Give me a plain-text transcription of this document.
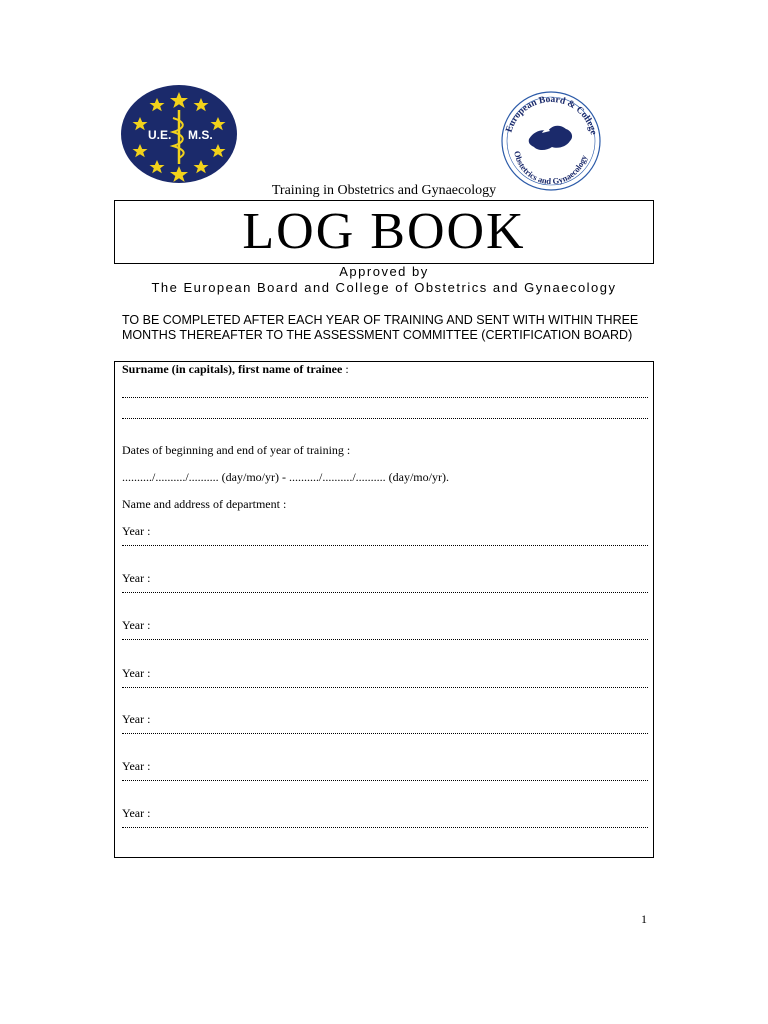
U.E. M.S.	European Board & College
Obstetrics and Gynaecology
Training in Obstetrics and Gynaecology
LOG BOOK
Approved by
The European Board and College of Obstetrics and Gynaecology
TO BE COMPLETED AFTER EACH YEAR OF TRAINING AND SENT WITH WITHIN THREE MONTHS THEREAFTER TO THE ASSESSMENT COMMITTEE (CERTIFICATION BOARD)
Surname (in capitals), first name of trainee :
Dates of beginning and end of year of training :
........../........../.......... (day/mo/yr) - ........../........../.......... (day/mo/yr).
Name and address of department :
Year :
Year :
Year :
Year :
Year :
Year :
Year :
1
